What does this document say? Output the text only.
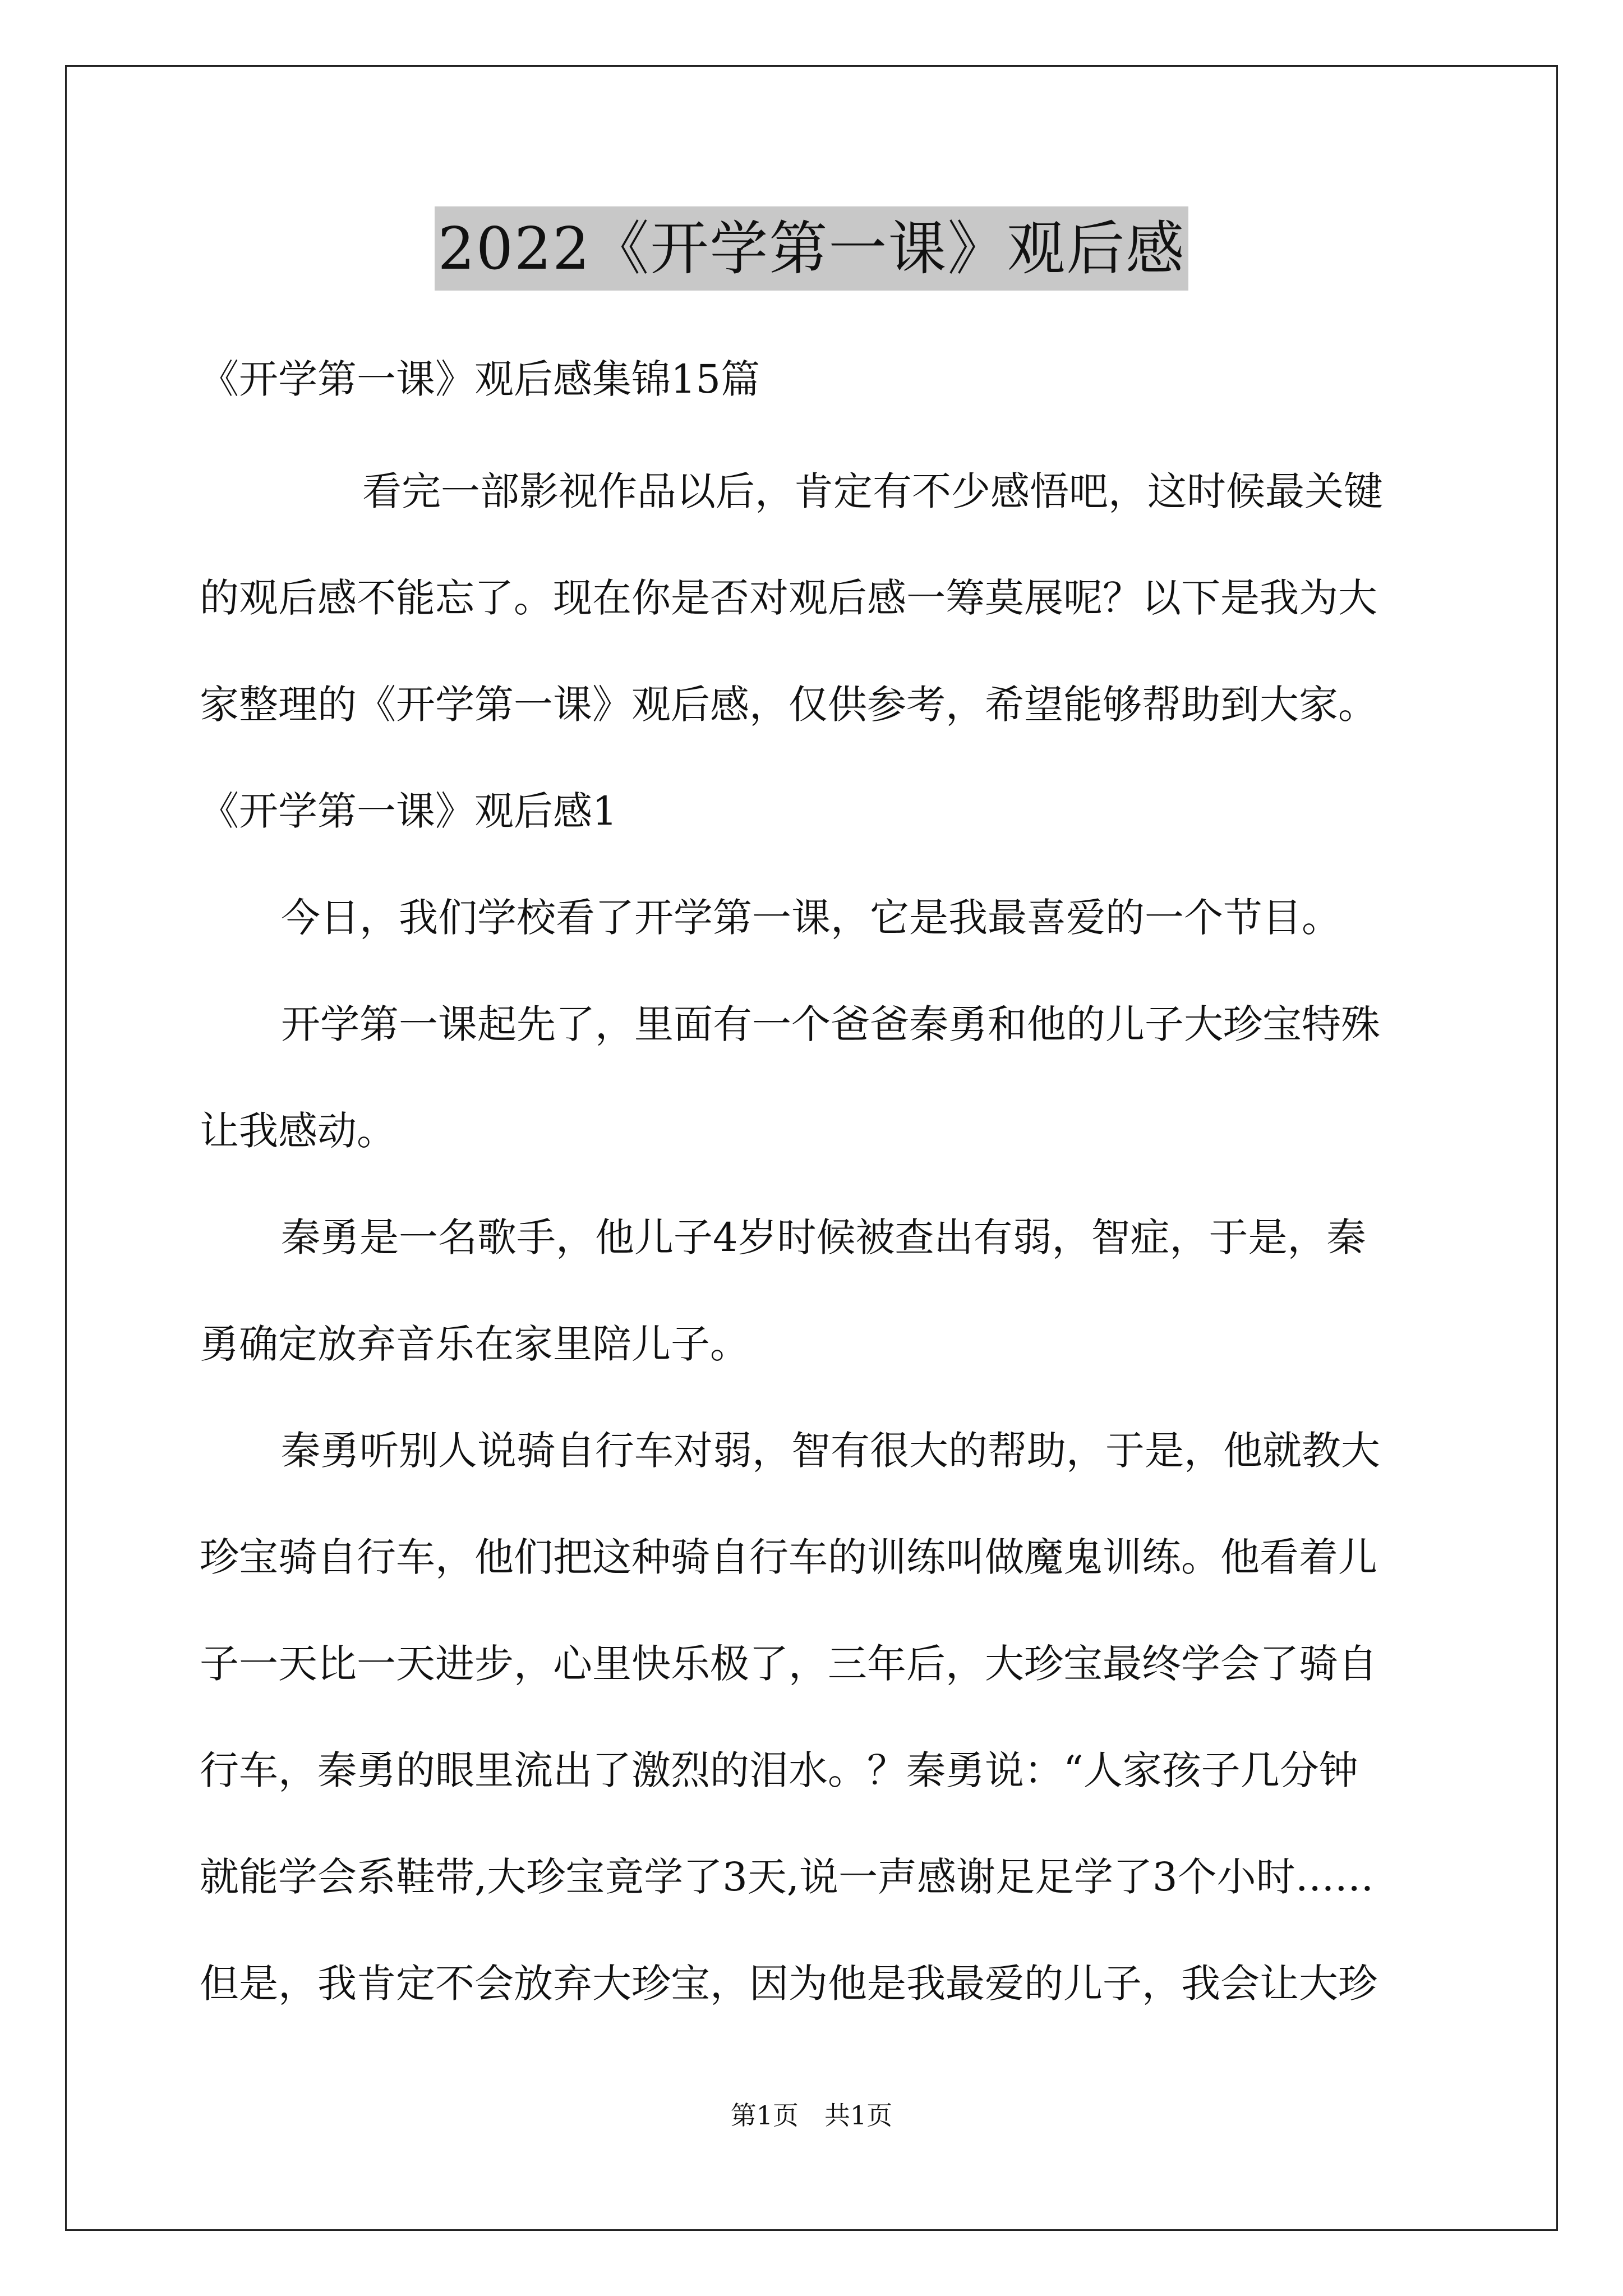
2022《开学第一课》观后感
《开学第一课》观后感集锦15篇
看完一部影视作品以后，肯定有不少感悟吧，这时候最关键
的观后感不能忘了。现在你是否对观后感一筹莫展呢？以下是我为大
家整理的《开学第一课》观后感，仅供参考，希望能够帮助到大家。
《开学第一课》观后感1
今日，我们学校看了开学第一课，它是我最喜爱的一个节目。
开学第一课起先了，里面有一个爸爸秦勇和他的儿子大珍宝特殊
让我感动。
秦勇是一名歌手，他儿子4岁时候被查出有弱，智症，于是，秦
勇确定放弃音乐在家里陪儿子。
秦勇听别人说骑自行车对弱，智有很大的帮助，于是，他就教大
珍宝骑自行车，他们把这种骑自行车的训练叫做魔鬼训练。他看着儿
子一天比一天进步，心里快乐极了，三年后，大珍宝最终学会了骑自
行车，秦勇的眼里流出了激烈的泪水。？秦勇说：“人家孩子几分钟
就能学会系鞋带,大珍宝竟学了3天,说一声感谢足足学了3个小时……
但是，我肯定不会放弃大珍宝，因为他是我最爱的儿子，我会让大珍
第1页　共1页
